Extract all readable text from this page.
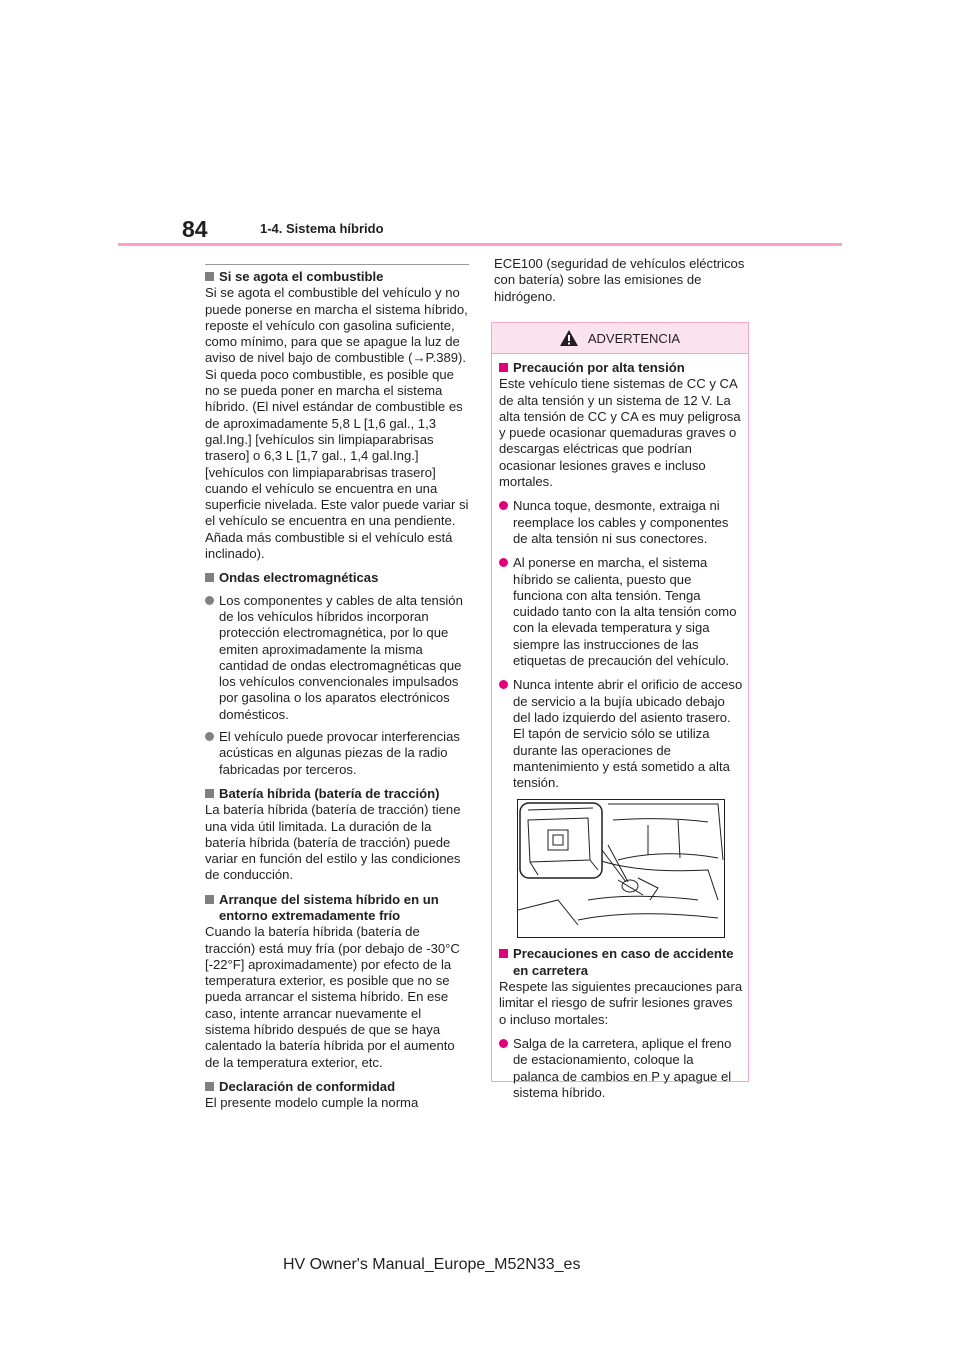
84	1-4. Sistema híbrido
Si se agota el combustible

Si se agota el combustible del vehículo y no puede ponerse en marcha el sistema híbrido, reposte el vehículo con gasolina suficiente, como mínimo, para que se apague la luz de aviso de nivel bajo de combustible (→P.389). Si queda poco combustible, es posible que no se pueda poner en marcha el sistema híbrido. (El nivel estándar de combustible es de aproximadamente 5,8 L [1,6 gal., 1,3 gal.Ing.] [vehículos sin limpiaparabrisas trasero] o 6,3 L [1,7 gal., 1,4 gal.Ing.] [vehículos con limpiaparabrisas trasero] cuando el vehículo se encuentra en una superficie nivelada. Este valor puede variar si el vehículo se encuentra en una pendiente. Añada más combustible si el vehículo está inclinado).

Ondas electromagnéticas
Los componentes y cables de alta tensión de los vehículos híbridos incorporan protección electromagnética, por lo que emiten aproximadamente la misma cantidad de ondas electromagnéticas que los vehículos convencionales impulsados por gasolina o los aparatos electrónicos domésticos.
El vehículo puede provocar interferencias acústicas en algunas piezas de la radio fabricadas por terceros.
Batería híbrida (batería de tracción)

La batería híbrida (batería de tracción) tiene una vida útil limitada. La duración de la batería híbrida (batería de tracción) puede variar en función del estilo y las condiciones de conducción.

Arranque del sistema híbrido en un entorno extremadamente frío

Cuando la batería híbrida (batería de tracción) está muy fría (por debajo de -30°C [-22°F] aproximadamente) por efecto de la temperatura exterior, es posible que no se pueda arrancar el sistema híbrido. En ese caso, intente arrancar nuevamente el sistema híbrido después de que se haya calentado la batería híbrida por el aumento de la temperatura exterior, etc.

Declaración de conformidad

El presente modelo cumple la norma

ECE100 (seguridad de vehículos eléctricos con batería) sobre las emisiones de hidrógeno.

ADVERTENCIA
Precaución por alta tensión

Este vehículo tiene sistemas de CC y CA de alta tensión y un sistema de 12 V. La alta tensión de CC y CA es muy peligrosa y puede ocasionar quemaduras graves o descargas eléctricas que podrían ocasionar lesiones graves e incluso mortales.

Nunca toque, desmonte, extraiga ni reemplace los cables y componentes de alta tensión ni sus conectores.
Al ponerse en marcha, el sistema híbrido se calienta, puesto que funciona con alta tensión. Tenga cuidado tanto con la alta tensión como con la elevada temperatura y siga siempre las instrucciones de las etiquetas de precaución del vehículo.
Nunca intente abrir el orificio de acceso de servicio a la bujía ubicado debajo del lado izquierdo del asiento trasero. El tapón de servicio sólo se utiliza durante las operaciones de mantenimiento y está sometido a alta tensión.
Precauciones en caso de accidente en carretera

Respete las siguientes precauciones para limitar el riesgo de sufrir lesiones graves o incluso mortales:

Salga de la carretera, aplique el freno de estacionamiento, coloque la palanca de cambios en P y apague el sistema híbrido.
HV Owner's Manual_Europe_M52N33_es
